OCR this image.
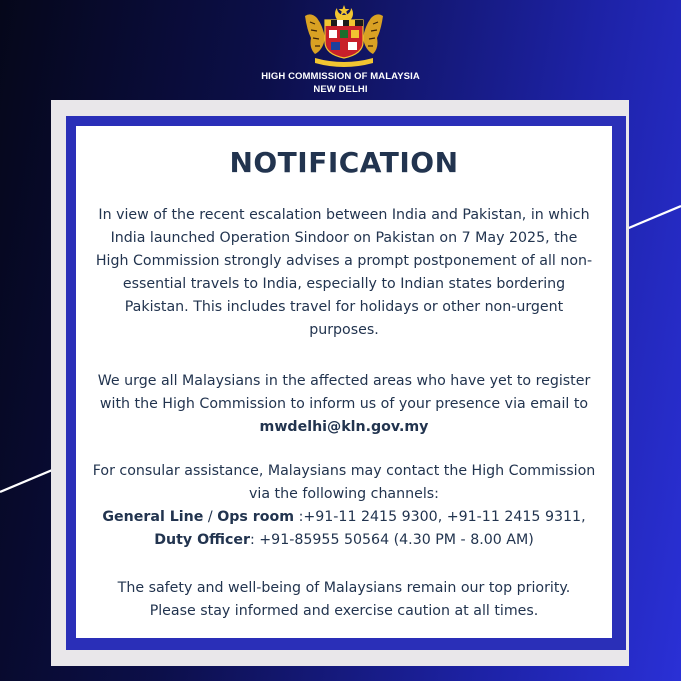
HIGH COMMISSION OF MALAYSIA
NEW DELHI
NOTIFICATION
In view of the recent escalation between India and Pakistan, in which
India launched Operation Sindoor on Pakistan on 7 May 2025, the
High Commission strongly advises a prompt postponement of all non-
essential travels to India, especially to Indian states bordering
Pakistan. This includes travel for holidays or other non-urgent
purposes.
We urge all Malaysians in the affected areas who have yet to register
with the High Commission to inform us of your presence via email to
mwdelhi@kln.gov.my
For consular assistance, Malaysians may contact the High Commission
via the following channels:
General Line / Ops room :+91-11 2415 9300, +91-11 2415 9311,
Duty Officer: +91-85955 50564 (4.30 PM - 8.00 AM)
The safety and well-being of Malaysians remain our top priority.
Please stay informed and exercise caution at all times.
